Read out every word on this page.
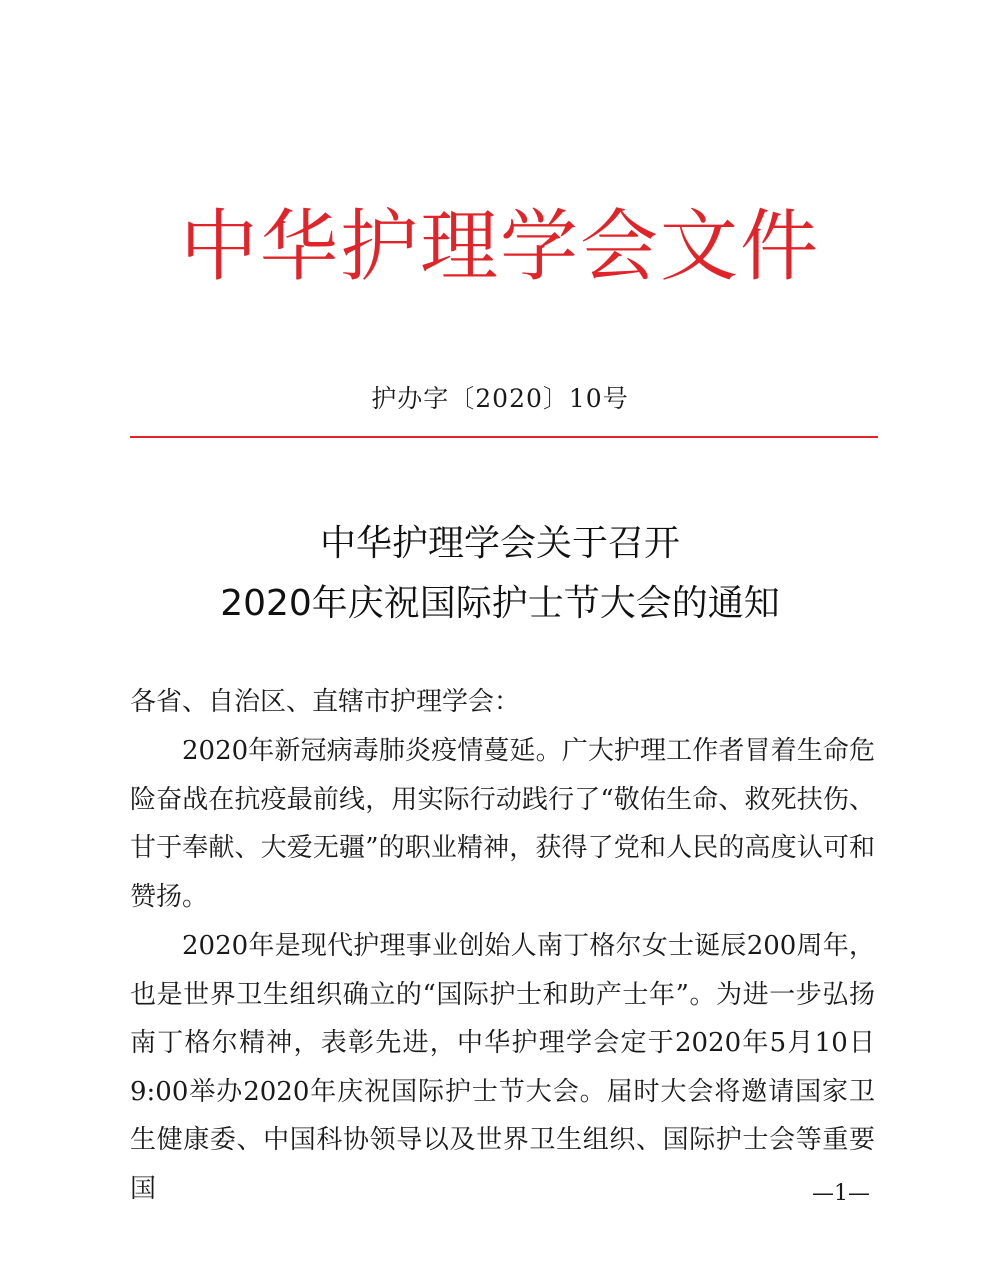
中华护理学会文件
护办字〔2020〕10号
中华护理学会关于召开
2020年庆祝国际护士节大会的通知
各省、自治区、直辖市护理学会：

2020年新冠病毒肺炎疫情蔓延。广大护理工作者冒着生命危险奋战在抗疫最前线，用实际行动践行了“敬佑生命、救死扶伤、甘于奉献、大爱无疆”的职业精神，获得了党和人民的高度认可和赞扬。

2020年是现代护理事业创始人南丁格尔女士诞辰200周年，也是世界卫生组织确立的“国际护士和助产士年”。为进一步弘扬南丁格尔精神，表彰先进，中华护理学会定于2020年5月10日9:00举办2020年庆祝国际护士节大会。届时大会将邀请国家卫生健康委、中国科协领导以及世界卫生组织、国际护士会等重要国	—1—
